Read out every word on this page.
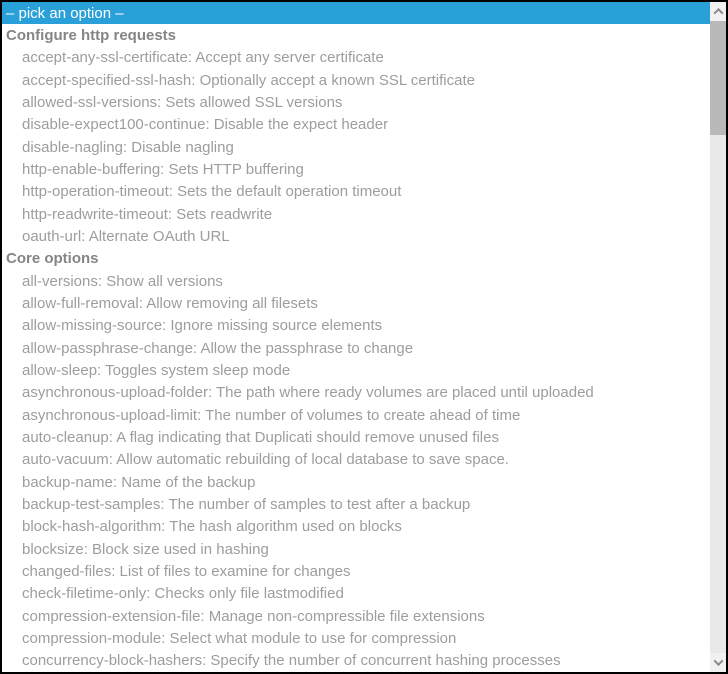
– pick an option –
Configure http requests
accept-any-ssl-certificate: Accept any server certificate
accept-specified-ssl-hash: Optionally accept a known SSL certificate
allowed-ssl-versions: Sets allowed SSL versions
disable-expect100-continue: Disable the expect header
disable-nagling: Disable nagling
http-enable-buffering: Sets HTTP buffering
http-operation-timeout: Sets the default operation timeout
http-readwrite-timeout: Sets readwrite
oauth-url: Alternate OAuth URL
Core options
all-versions: Show all versions
allow-full-removal: Allow removing all filesets
allow-missing-source: Ignore missing source elements
allow-passphrase-change: Allow the passphrase to change
allow-sleep: Toggles system sleep mode
asynchronous-upload-folder: The path where ready volumes are placed until uploaded
asynchronous-upload-limit: The number of volumes to create ahead of time
auto-cleanup: A flag indicating that Duplicati should remove unused files
auto-vacuum: Allow automatic rebuilding of local database to save space.
backup-name: Name of the backup
backup-test-samples: The number of samples to test after a backup
block-hash-algorithm: The hash algorithm used on blocks
blocksize: Block size used in hashing
changed-files: List of files to examine for changes
check-filetime-only: Checks only file lastmodified
compression-extension-file: Manage non-compressible file extensions
compression-module: Select what module to use for compression
concurrency-block-hashers: Specify the number of concurrent hashing processes
